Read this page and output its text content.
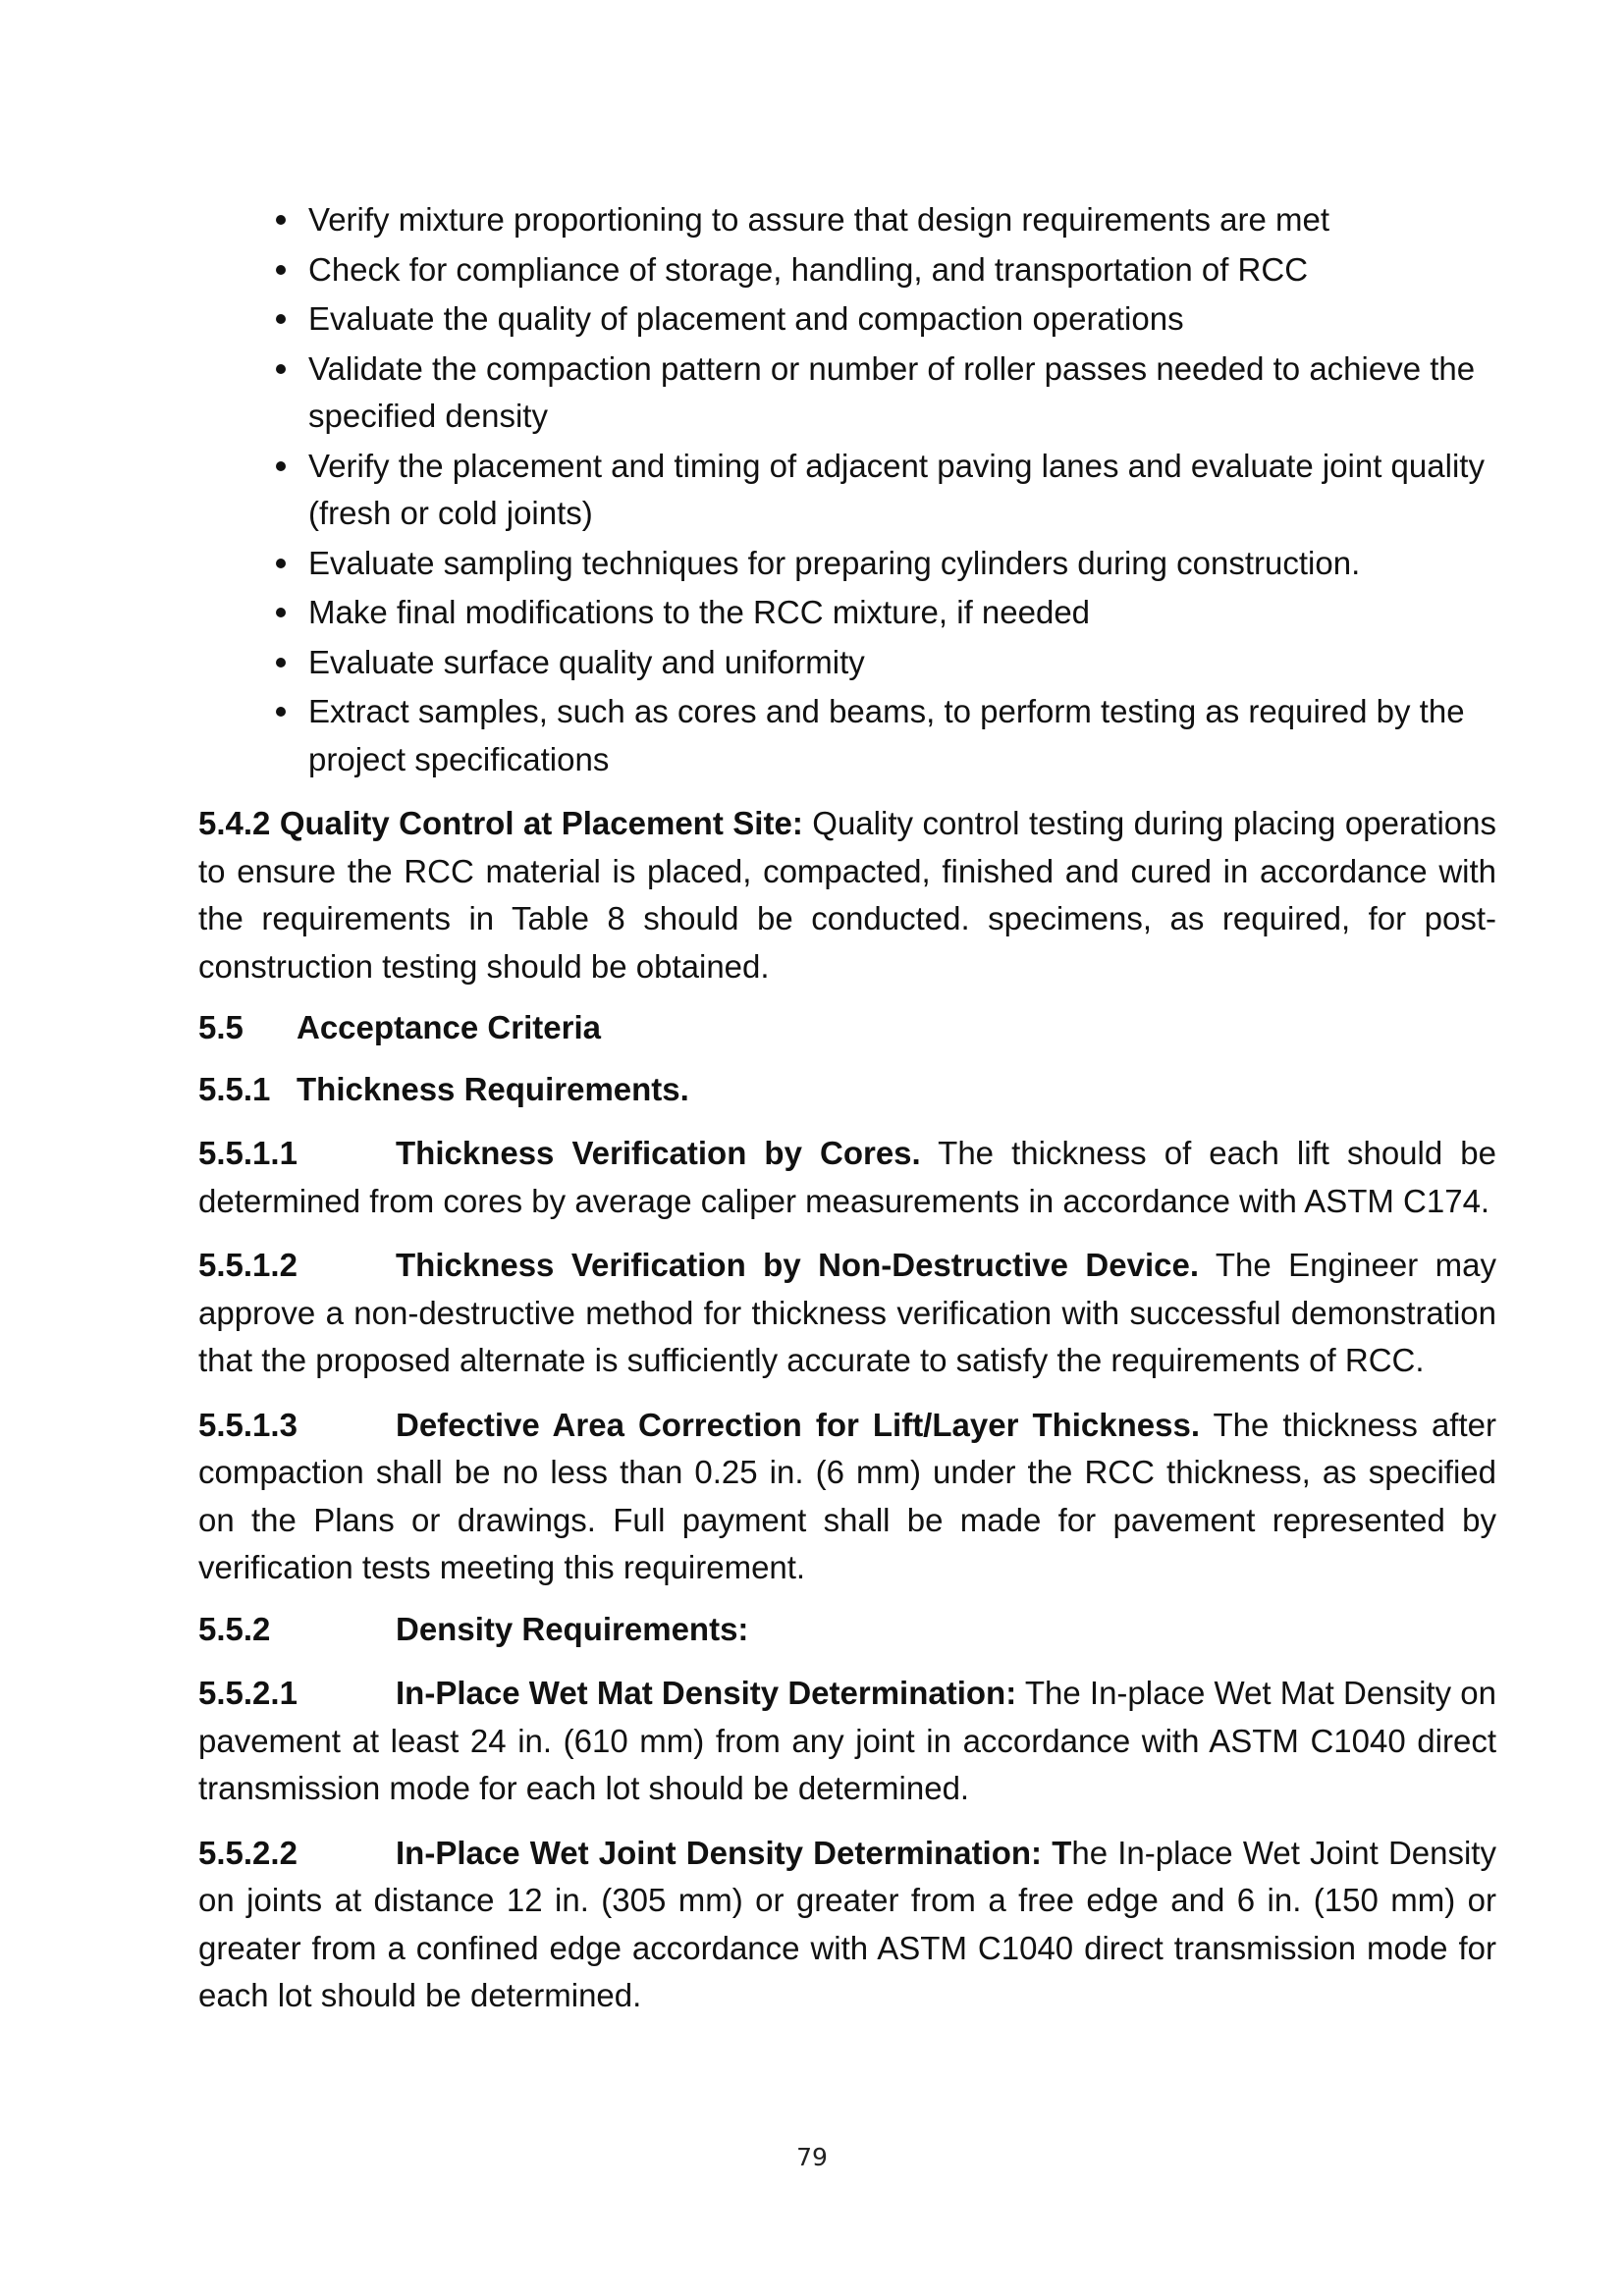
Verify mixture proportioning to assure that design requirements are met
Check for compliance of storage, handling, and transportation of RCC
Evaluate the quality of placement and compaction operations
Validate the compaction pattern or number of roller passes needed to achieve the specified density
Verify the placement and timing of adjacent paving lanes and evaluate joint quality (fresh or cold joints)
Evaluate sampling techniques for preparing cylinders during construction.
Make final modifications to the RCC mixture, if needed
Evaluate surface quality and uniformity
Extract samples, such as cores and beams, to perform testing as required by the project specifications

5.4.2 Quality Control at Placement Site: Quality control testing during placing operations to ensure the RCC material is placed, compacted, finished and cured in accordance with the requirements in Table 8 should be conducted. specimens, as required, for post-construction testing should be obtained.

5.5 Acceptance Criteria

5.5.1 Thickness Requirements.

5.5.1.1	Thickness Verification by Cores. The thickness of each lift should be determined from cores by average caliper measurements in accordance with ASTM C174.

5.5.1.2	Thickness Verification by Non-Destructive Device. The Engineer may approve a non-destructive method for thickness verification with successful demonstration that the proposed alternate is sufficiently accurate to satisfy the requirements of RCC.

5.5.1.3	Defective Area Correction for Lift/Layer Thickness. The thickness after compaction shall be no less than 0.25 in. (6 mm) under the RCC thickness, as specified on the Plans or drawings. Full payment shall be made for pavement represented by verification tests meeting this requirement.

5.5.2	Density Requirements:

5.5.2.1	In-Place Wet Mat Density Determination: The In-place Wet Mat Density on pavement at least 24 in. (610 mm) from any joint in accordance with ASTM C1040 direct transmission mode for each lot should be determined.

5.5.2.2	In-Place Wet Joint Density Determination: The In-place Wet Joint Density on joints at distance 12 in. (305 mm) or greater from a free edge and 6 in. (150 mm) or greater from a confined edge accordance with ASTM C1040 direct transmission mode for each lot should be determined.

79
